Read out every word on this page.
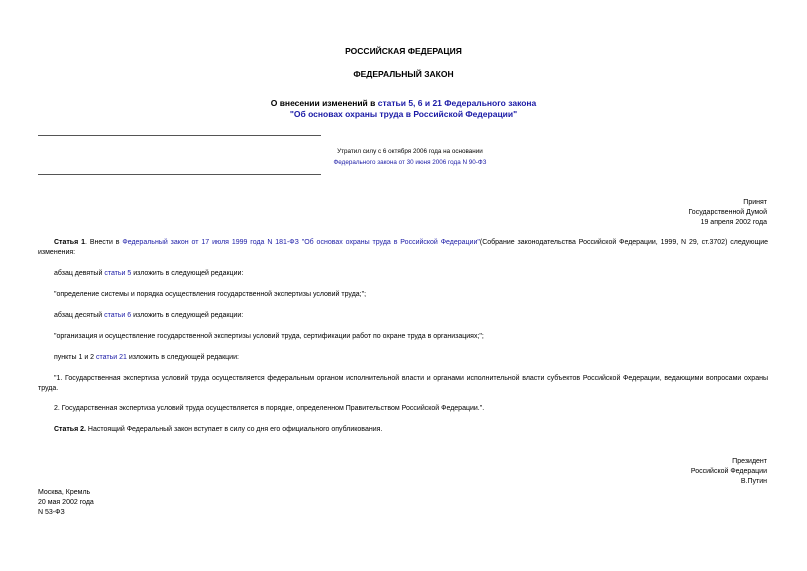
РОССИЙСКАЯ ФЕДЕРАЦИЯ
ФЕДЕРАЛЬНЫЙ ЗАКОН
О внесении изменений в статьи 5, 6 и 21 Федерального закона
"Об основах охраны труда в Российской Федерации"
Утратил силу с 6 октября 2006 года на основании
Федерального закона от 30 июня 2006 года N 90-ФЗ
Принят
Государственной Думой
19 апреля 2002 года
Статья 1. Внести в Федеральный закон от 17 июля 1999 года N 181-ФЗ "Об основах охраны труда в Российской Федерации"(Собрание законодательства Российской Федерации, 1999, N 29, ст.3702) следующие изменения:
абзац девятый статьи 5 изложить в следующей редакции:
"определение системы и порядка осуществления государственной экспертизы условий труда;";
абзац десятый статьи 6 изложить в следующей редакции:
"организация и осуществление государственной экспертизы условий труда, сертификации работ по охране труда в организациях;";
пункты 1 и 2 статьи 21 изложить в следующей редакции:
"1. Государственная экспертиза условий труда осуществляется федеральным органом исполнительной власти и органами исполнительной власти субъектов Российской Федерации, ведающими вопросами охраны труда.
2. Государственная экспертиза условий труда осуществляется в порядке, определенном Правительством Российской Федерации.".
Статья 2. Настоящий Федеральный закон вступает в силу со дня его официального опубликования.
Президент
Российской Федерации
В.Путин
Москва, Кремль
20 мая 2002 года
N 53-ФЗ
